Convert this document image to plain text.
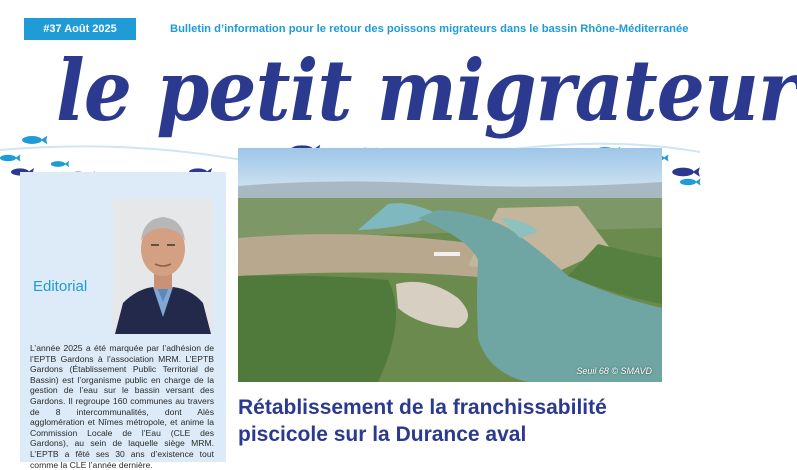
#37 Août 2025	Bulletin d’information pour le retour des poissons migrateurs dans le bassin Rhône-Méditerranée
le petit migrateur
Editorial
L’année 2025 a été marquée par l’adhésion de l’EPTB Gardons à l’association MRM. L’EPTB Gardons (Établissement Public Territorial de Bassin) est l’organisme public en charge de la gestion de l’eau sur le bassin versant des Gardons. Il regroupe 160 communes au travers de 8 intercommunalités, dont Alès agglomération et Nîmes métropole, et anime la Commission Locale de l’Eau (CLE des Gardons), au sein de laquelle siège MRM. L’EPTB a fêté ses 30 ans d’existence tout comme la CLE l’année dernière.
Seuil 68 © SMAVD
Rétablissement de la franchissabilité
piscicole sur la Durance aval
